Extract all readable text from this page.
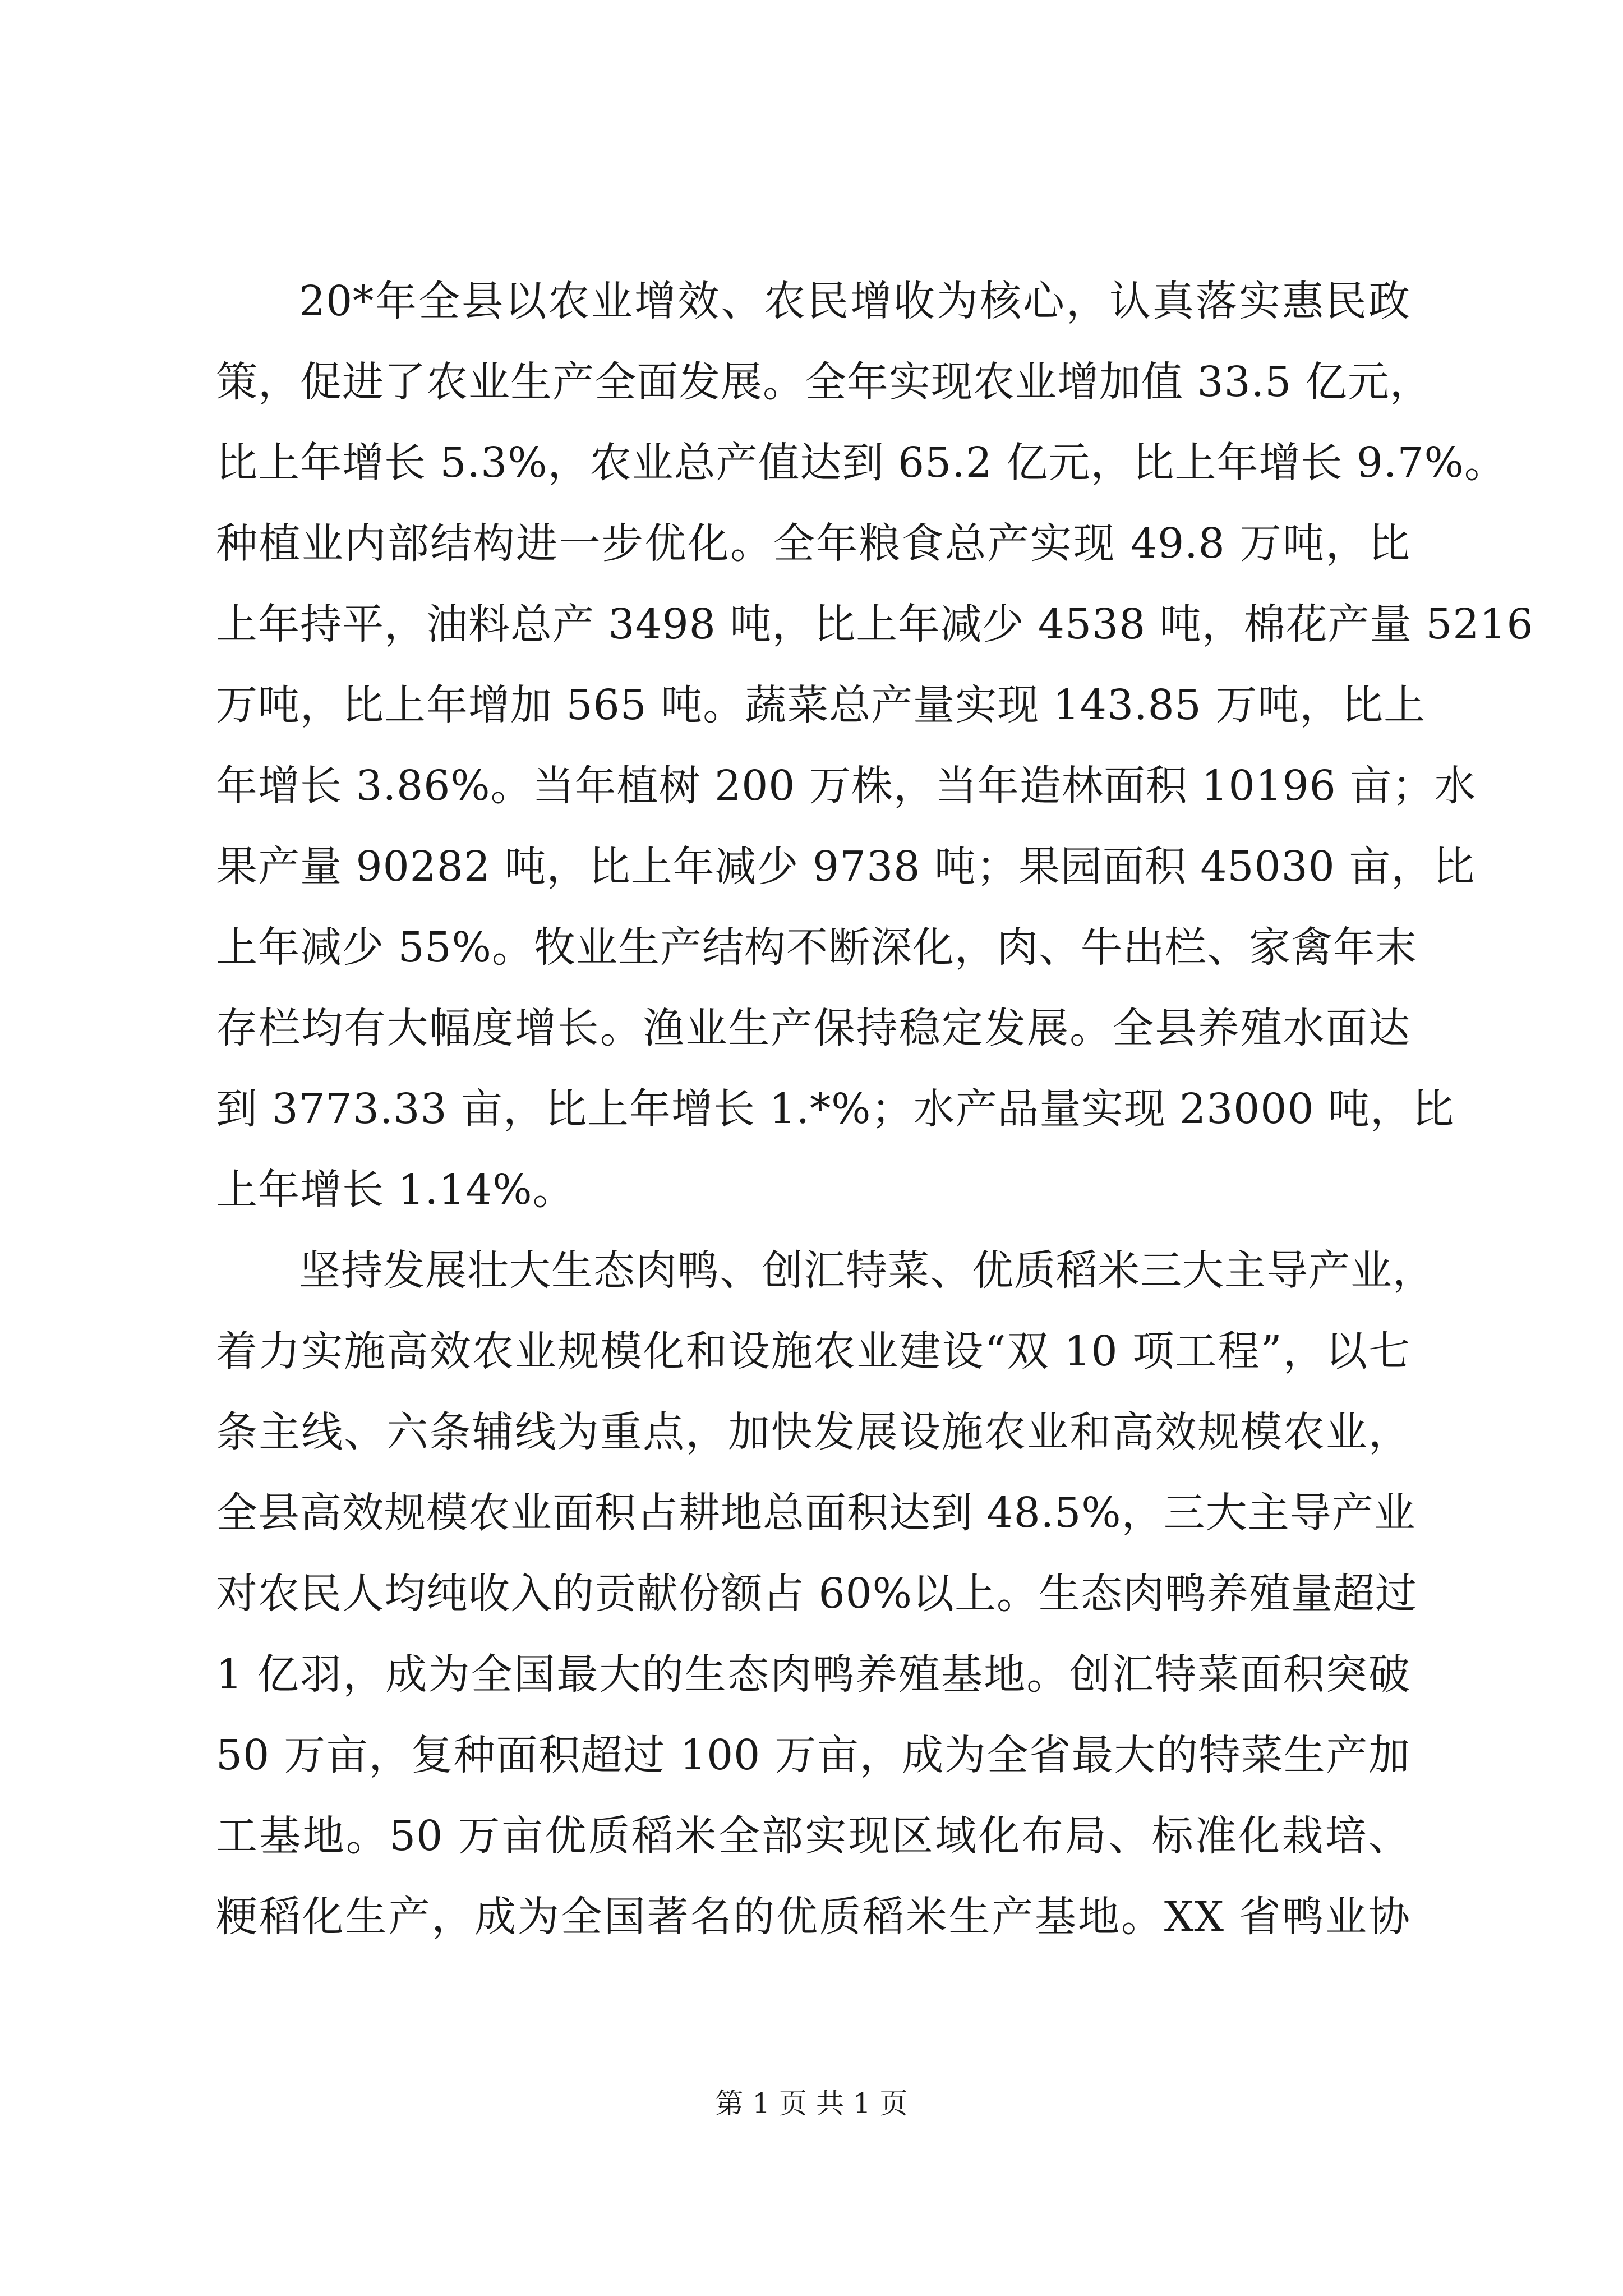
20*年全县以农业增效、农民增收为核心，认真落实惠民政
策，促进了农业生产全面发展。全年实现农业增加值 33.5 亿元，
比上年增长 5.3%，农业总产值达到 65.2 亿元，比上年增长 9.7%。
种植业内部结构进一步优化。全年粮食总产实现 49.8 万吨，比
上年持平，油料总产 3498 吨，比上年减少 4538 吨，棉花产量 5216
万吨，比上年增加 565 吨。蔬菜总产量实现 143.85 万吨，比上
年增长 3.86%。当年植树 200 万株，当年造林面积 10196 亩；水
果产量 90282 吨，比上年减少 9738 吨；果园面积 45030 亩，比
上年减少 55%。牧业生产结构不断深化，肉、牛出栏、家禽年末
存栏均有大幅度增长。渔业生产保持稳定发展。全县养殖水面达
到 3773.33 亩，比上年增长 1.*%；水产品量实现 23000 吨，比
上年增长 1.14%。
坚持发展壮大生态肉鸭、创汇特菜、优质稻米三大主导产业，
着力实施高效农业规模化和设施农业建设“双 10 项工程”，以七
条主线、六条辅线为重点，加快发展设施农业和高效规模农业，
全县高效规模农业面积占耕地总面积达到 48.5%，三大主导产业
对农民人均纯收入的贡献份额占 60%以上。生态肉鸭养殖量超过
1 亿羽，成为全国最大的生态肉鸭养殖基地。创汇特菜面积突破
50 万亩，复种面积超过 100 万亩，成为全省最大的特菜生产加
工基地。50 万亩优质稻米全部实现区域化布局、标准化栽培、
粳稻化生产，成为全国著名的优质稻米生产基地。XX 省鸭业协
第 1 页 共 1 页
